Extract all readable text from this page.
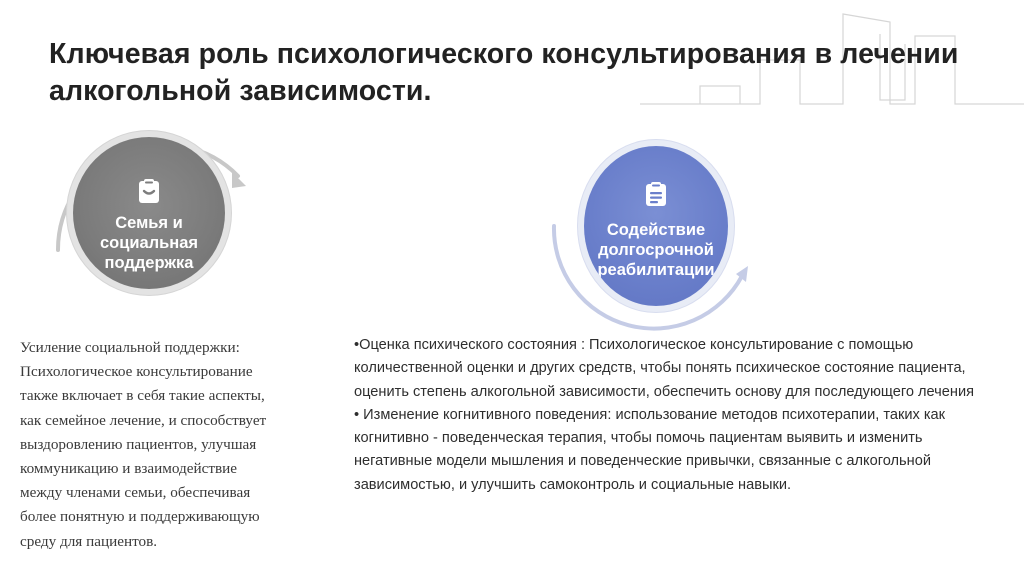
Ключевая роль психологического консультирования в лечении алкогольной зависимости.
Семья и социальная поддержка
Содействие долгосрочной реабилитации
Усиление социальной поддержки:
Психологическое консультирование
также включает в себя такие аспекты,
как семейное лечение, и способствует
выздоровлению пациентов, улучшая
коммуникацию и взаимодействие
между членами семьи, обеспечивая
более понятную и поддерживающую
среду для пациентов.

•Оценка психического состояния : Психологическое консультирование с помощью количественной оценки и других средств, чтобы понять психическое состояние пациента, оценить степень алкогольной зависимости, обеспечить основу для последующего лечения

• Изменение когнитивного поведения: использование методов психотерапии, таких как когнитивно - поведенческая терапия, чтобы помочь пациентам выявить и изменить негативные модели мышления и поведенческие привычки, связанные с алкогольной зависимостью, и улучшить самоконтроль и социальные навыки.
